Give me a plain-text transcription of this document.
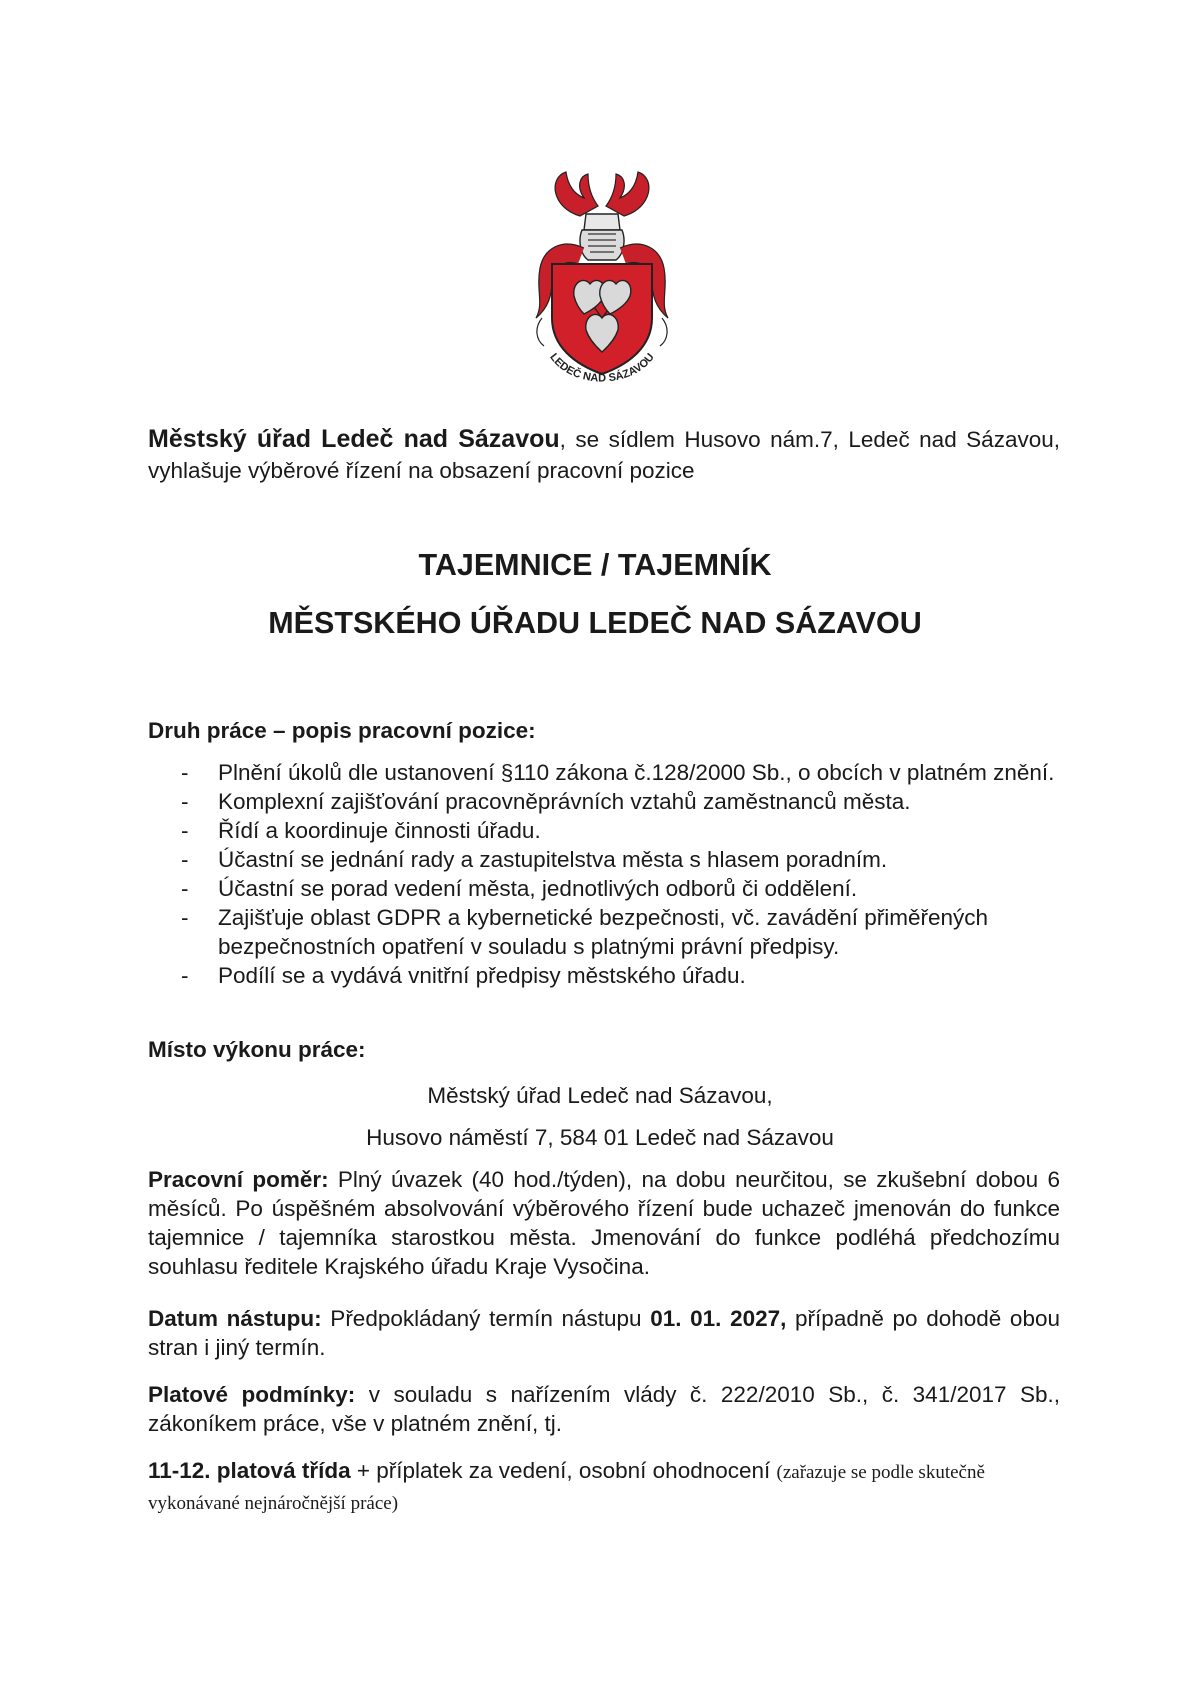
LEDEČ NAD SÁZAVOU

Městský úřad Ledeč nad Sázavou, se sídlem Husovo nám.7, Ledeč nad Sázavou, vyhlašuje výběrové řízení na obsazení pracovní pozice

TAJEMNICE / TAJEMNÍK
MĚSTSKÉHO ÚŘADU LEDEČ NAD SÁZAVOU
Druh práce – popis pracovní pozice:
- Plnění úkolů dle ustanovení §110 zákona č.128/2000 Sb., o obcích v platném znění.
- Komplexní zajišťování pracovněprávních vztahů zaměstnanců města.
- Řídí a koordinuje činnosti úřadu.
- Účastní se jednání rady a zastupitelstva města s hlasem poradním.
- Účastní se porad vedení města, jednotlivých odborů či oddělení.
- Zajišťuje oblast GDPR a kybernetické bezpečnosti, vč. zavádění přiměřených bezpečnostních opatření v souladu s platnými právní předpisy.
- Podílí se a vydává vnitřní předpisy městského úřadu.
Místo výkonu práce:
Městský úřad Ledeč nad Sázavou,
Husovo náměstí 7, 584 01 Ledeč nad Sázavou

Pracovní poměr: Plný úvazek (40 hod./týden), na dobu neurčitou, se zkušební dobou 6 měsíců. Po úspěšném absolvování výběrového řízení bude uchazeč jmenován do funkce tajemnice / tajemníka starostkou města. Jmenování do funkce podléhá předchozímu souhlasu ředitele Krajského úřadu Kraje Vysočina.

Datum nástupu: Předpokládaný termín nástupu 01. 01. 2027, případně po dohodě obou stran i jiný termín.

Platové podmínky: v souladu s nařízením vlády č. 222/2010 Sb., č. 341/2017 Sb., zákoníkem práce, vše v platném znění, tj.

11-12. platová třída + příplatek za vedení, osobní ohodnocení (zařazuje se podle skutečně vykonávané nejnáročnější práce)
